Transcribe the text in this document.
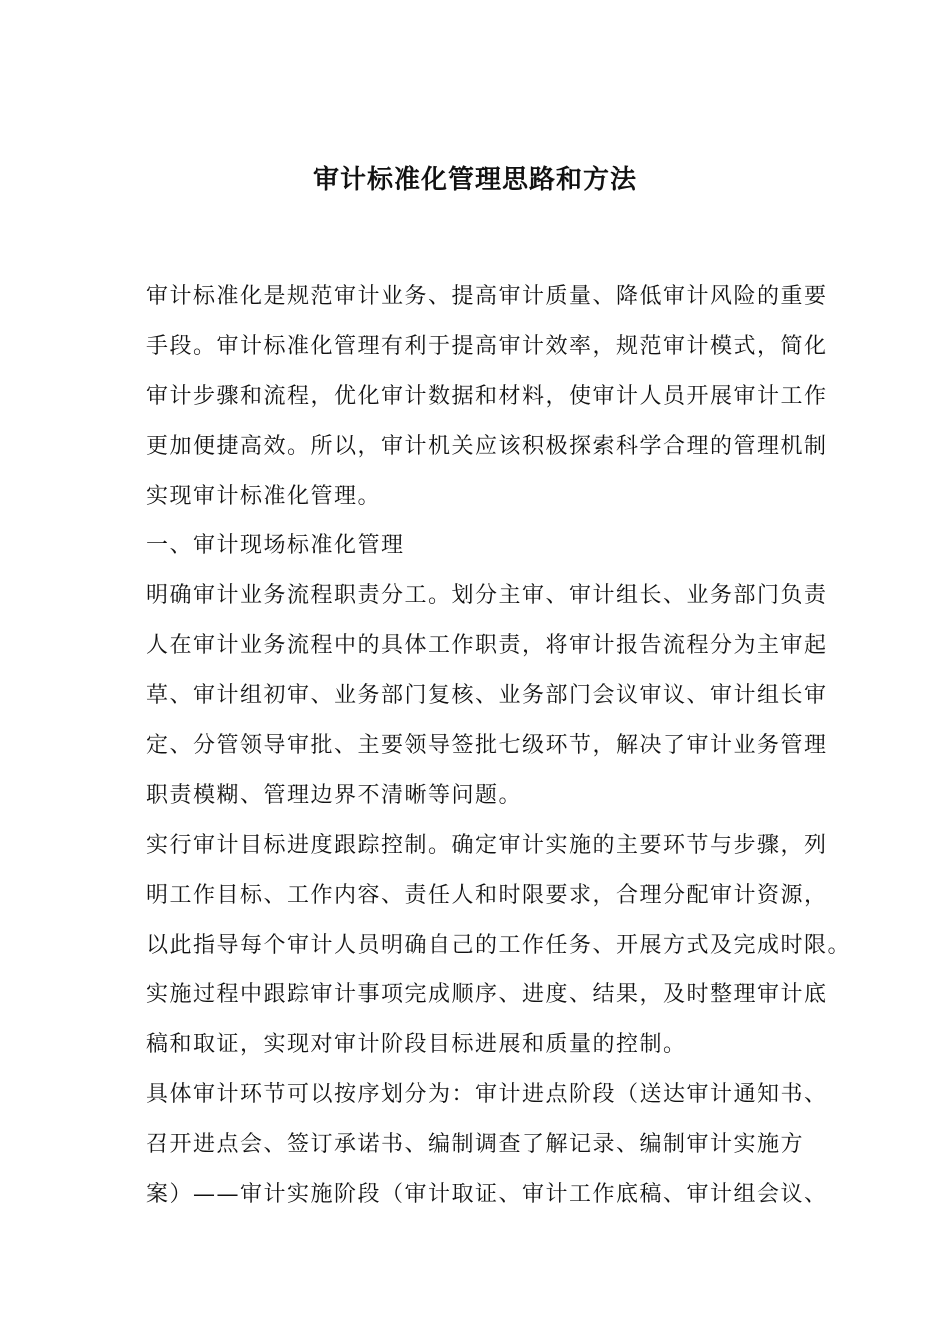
审计标准化管理思路和方法
审计标准化是规范审计业务、提高审计质量、降低审计风险的重要
手段。审计标准化管理有利于提高审计效率，规范审计模式，简化
审计步骤和流程，优化审计数据和材料，使审计人员开展审计工作
更加便捷高效。所以，审计机关应该积极探索科学合理的管理机制
实现审计标准化管理。
一、审计现场标准化管理
明确审计业务流程职责分工。划分主审、审计组长、业务部门负责
人在审计业务流程中的具体工作职责，将审计报告流程分为主审起
草、审计组初审、业务部门复核、业务部门会议审议、审计组长审
定、分管领导审批、主要领导签批七级环节，解决了审计业务管理
职责模糊、管理边界不清晰等问题。
实行审计目标进度跟踪控制。确定审计实施的主要环节与步骤，列
明工作目标、工作内容、责任人和时限要求，合理分配审计资源，
以此指导每个审计人员明确自己的工作任务、开展方式及完成时限。
实施过程中跟踪审计事项完成顺序、进度、结果，及时整理审计底
稿和取证，实现对审计阶段目标进展和质量的控制。
具体审计环节可以按序划分为：审计进点阶段（送达审计通知书、
召开进点会、签订承诺书、编制调查了解记录、编制审计实施方
案）——审计实施阶段（审计取证、审计工作底稿、审计组会议、
